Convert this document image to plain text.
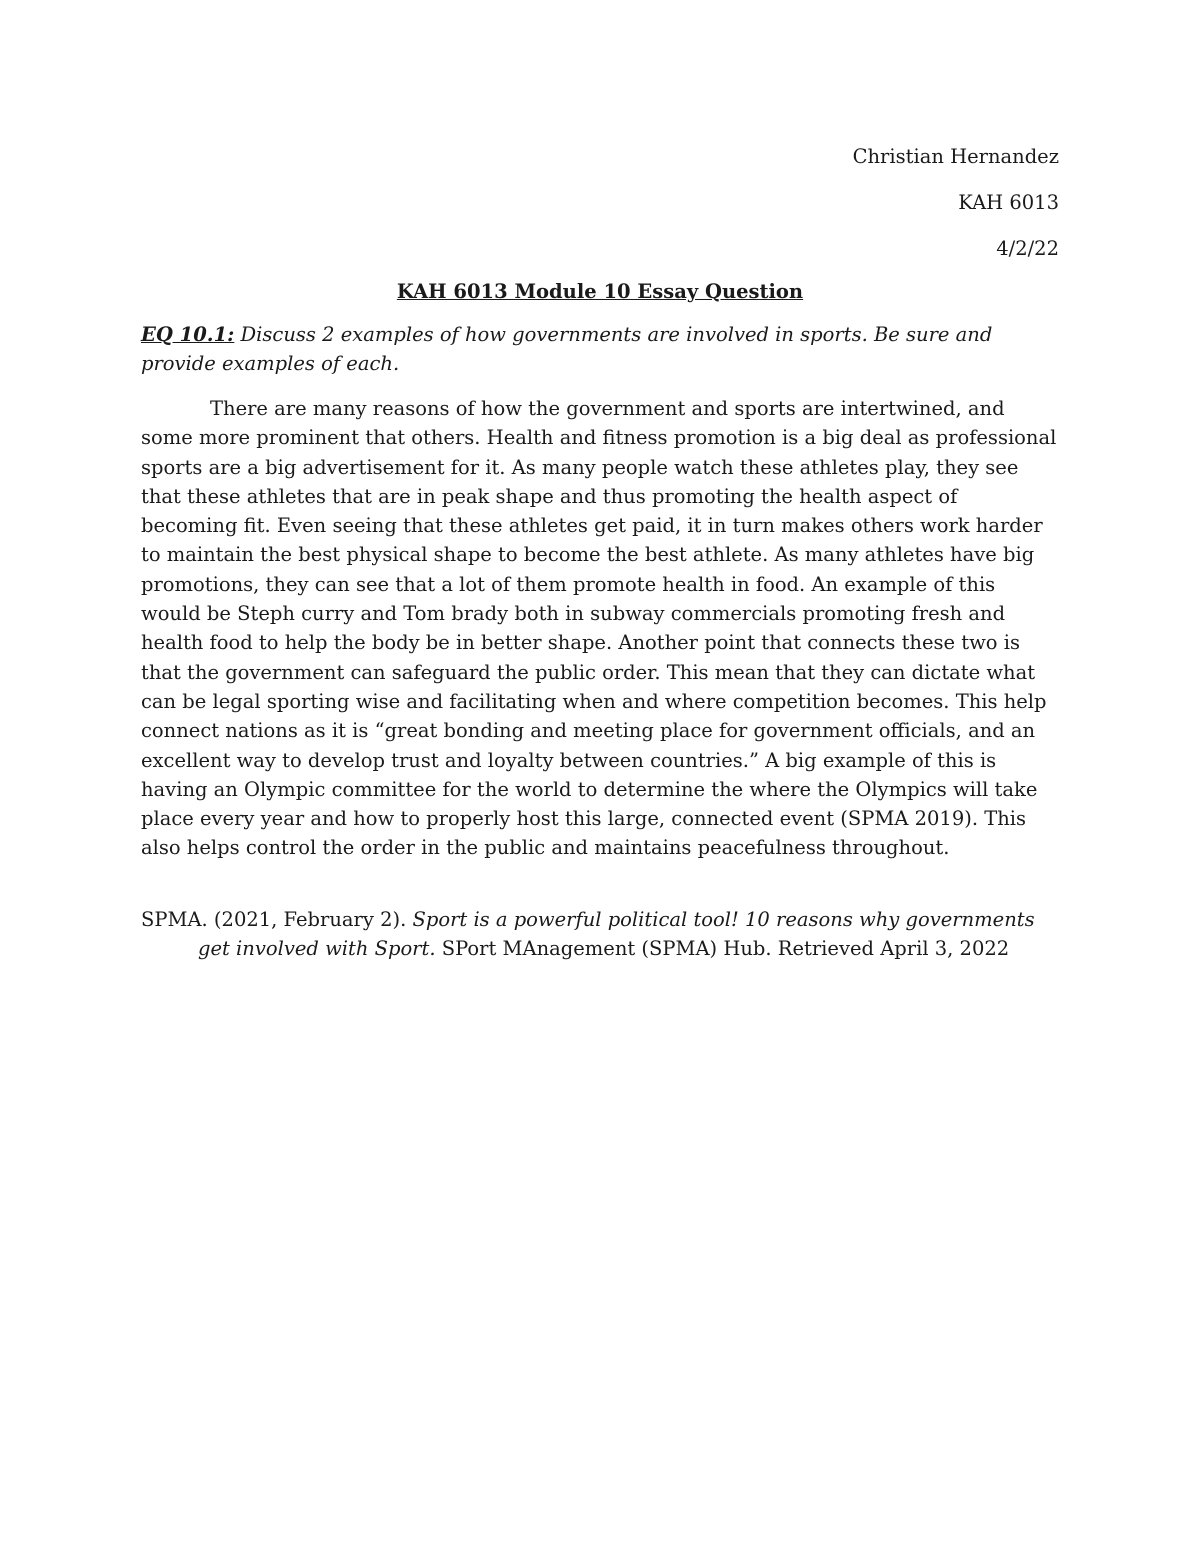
Christian Hernandez
KAH 6013
4/2/22
KAH 6013 Module 10 Essay Question
EQ 10.1: Discuss 2 examples of how governments are involved in sports. Be sure and provide examples of each.
There are many reasons of how the government and sports are intertwined, and some more prominent that others. Health and fitness promotion is a big deal as professional sports are a big advertisement for it. As many people watch these athletes play, they see that these athletes that are in peak shape and thus promoting the health aspect of becoming fit. Even seeing that these athletes get paid, it in turn makes others work harder to maintain the best physical shape to become the best athlete. As many athletes have big promotions, they can see that a lot of them promote health in food. An example of this would be Steph curry and Tom brady both in subway commercials promoting fresh and health food to help the body be in better shape. Another point that connects these two is that the government can safeguard the public order. This mean that they can dictate what can be legal sporting wise and facilitating when and where competition becomes. This help connect nations as it is “great bonding and meeting place for government officials, and an excellent way to develop trust and loyalty between countries.” A big example of this is having an Olympic committee for the world to determine the where the Olympics will take place every year and how to properly host this large, connected event (SPMA 2019). This also helps control the order in the public and maintains peacefulness throughout.
SPMA. (2021, February 2). Sport is a powerful political tool! 10 reasons why governments get involved with Sport. SPort MAnagement (SPMA) Hub. Retrieved April 3, 2022
